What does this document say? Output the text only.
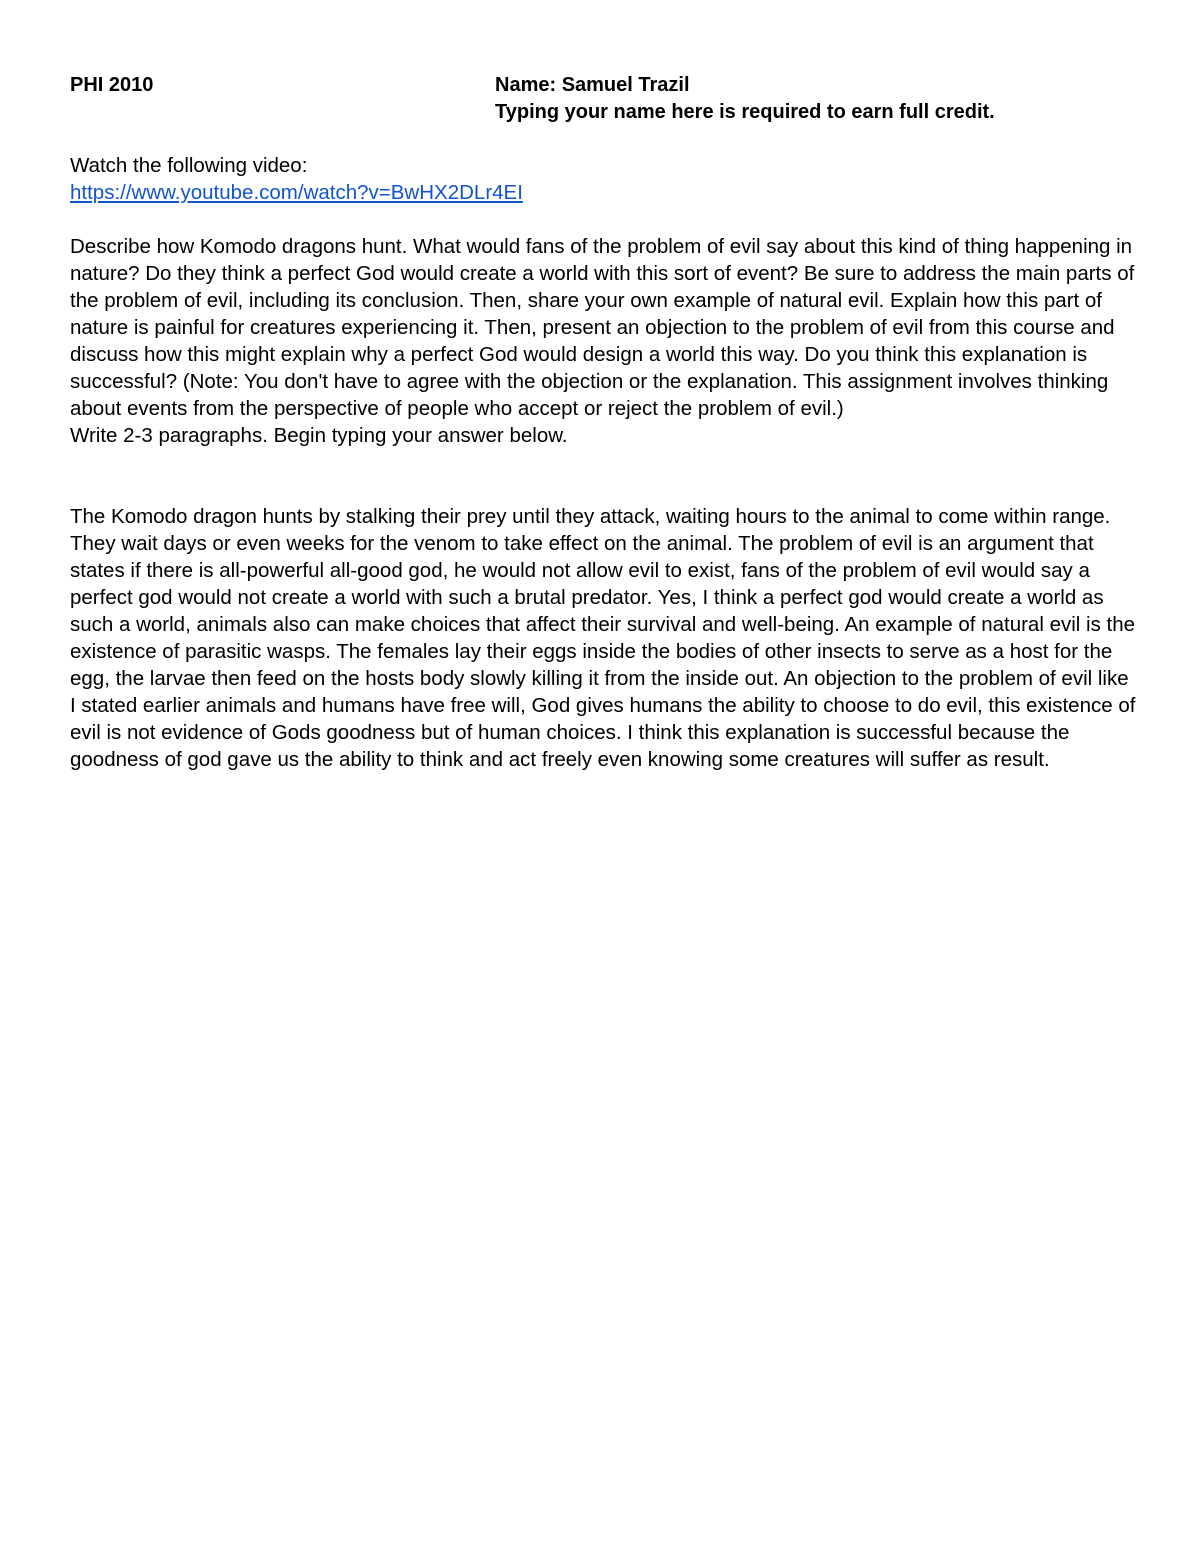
PHI 2010	Name: Samuel Trazil
Typing your name here is required to earn full credit.

Watch the following video:

https://www.youtube.com/watch?v=BwHX2DLr4EI

Describe how Komodo dragons hunt. What would fans of the problem of evil say about this kind of thing happening in nature? Do they think a perfect God would create a world with this sort of event? Be sure to address the main parts of the problem of evil, including its conclusion. Then, share your own example of natural evil. Explain how this part of nature is painful for creatures experiencing it. Then, present an objection to the problem of evil from this course and discuss how this might explain why a perfect God would design a world this way. Do you think this explanation is successful? (Note: You don't have to agree with the objection or the explanation. This assignment involves thinking about events from the perspective of people who accept or reject the problem of evil.)

Write 2-3 paragraphs. Begin typing your answer below.

The Komodo dragon hunts by stalking their prey until they attack, waiting hours to the animal to come within range. They wait days or even weeks for the venom to take effect on the animal. The problem of evil is an argument that states if there is all-powerful all-good god, he would not allow evil to exist, fans of the problem of evil would say a perfect god would not create a world with such a brutal predator. Yes, I think a perfect god would create a world as such a world, animals also can make choices that affect their survival and well-being. An example of natural evil is the existence of parasitic wasps. The females lay their eggs inside the bodies of other insects to serve as a host for the egg, the larvae then feed on the hosts body slowly killing it from the inside out. An objection to the problem of evil like I stated earlier animals and humans have free will, God gives humans the ability to choose to do evil, this existence of evil is not evidence of Gods goodness but of human choices. I think this explanation is successful because the goodness of god gave us the ability to think and act freely even knowing some creatures will suffer as result.
